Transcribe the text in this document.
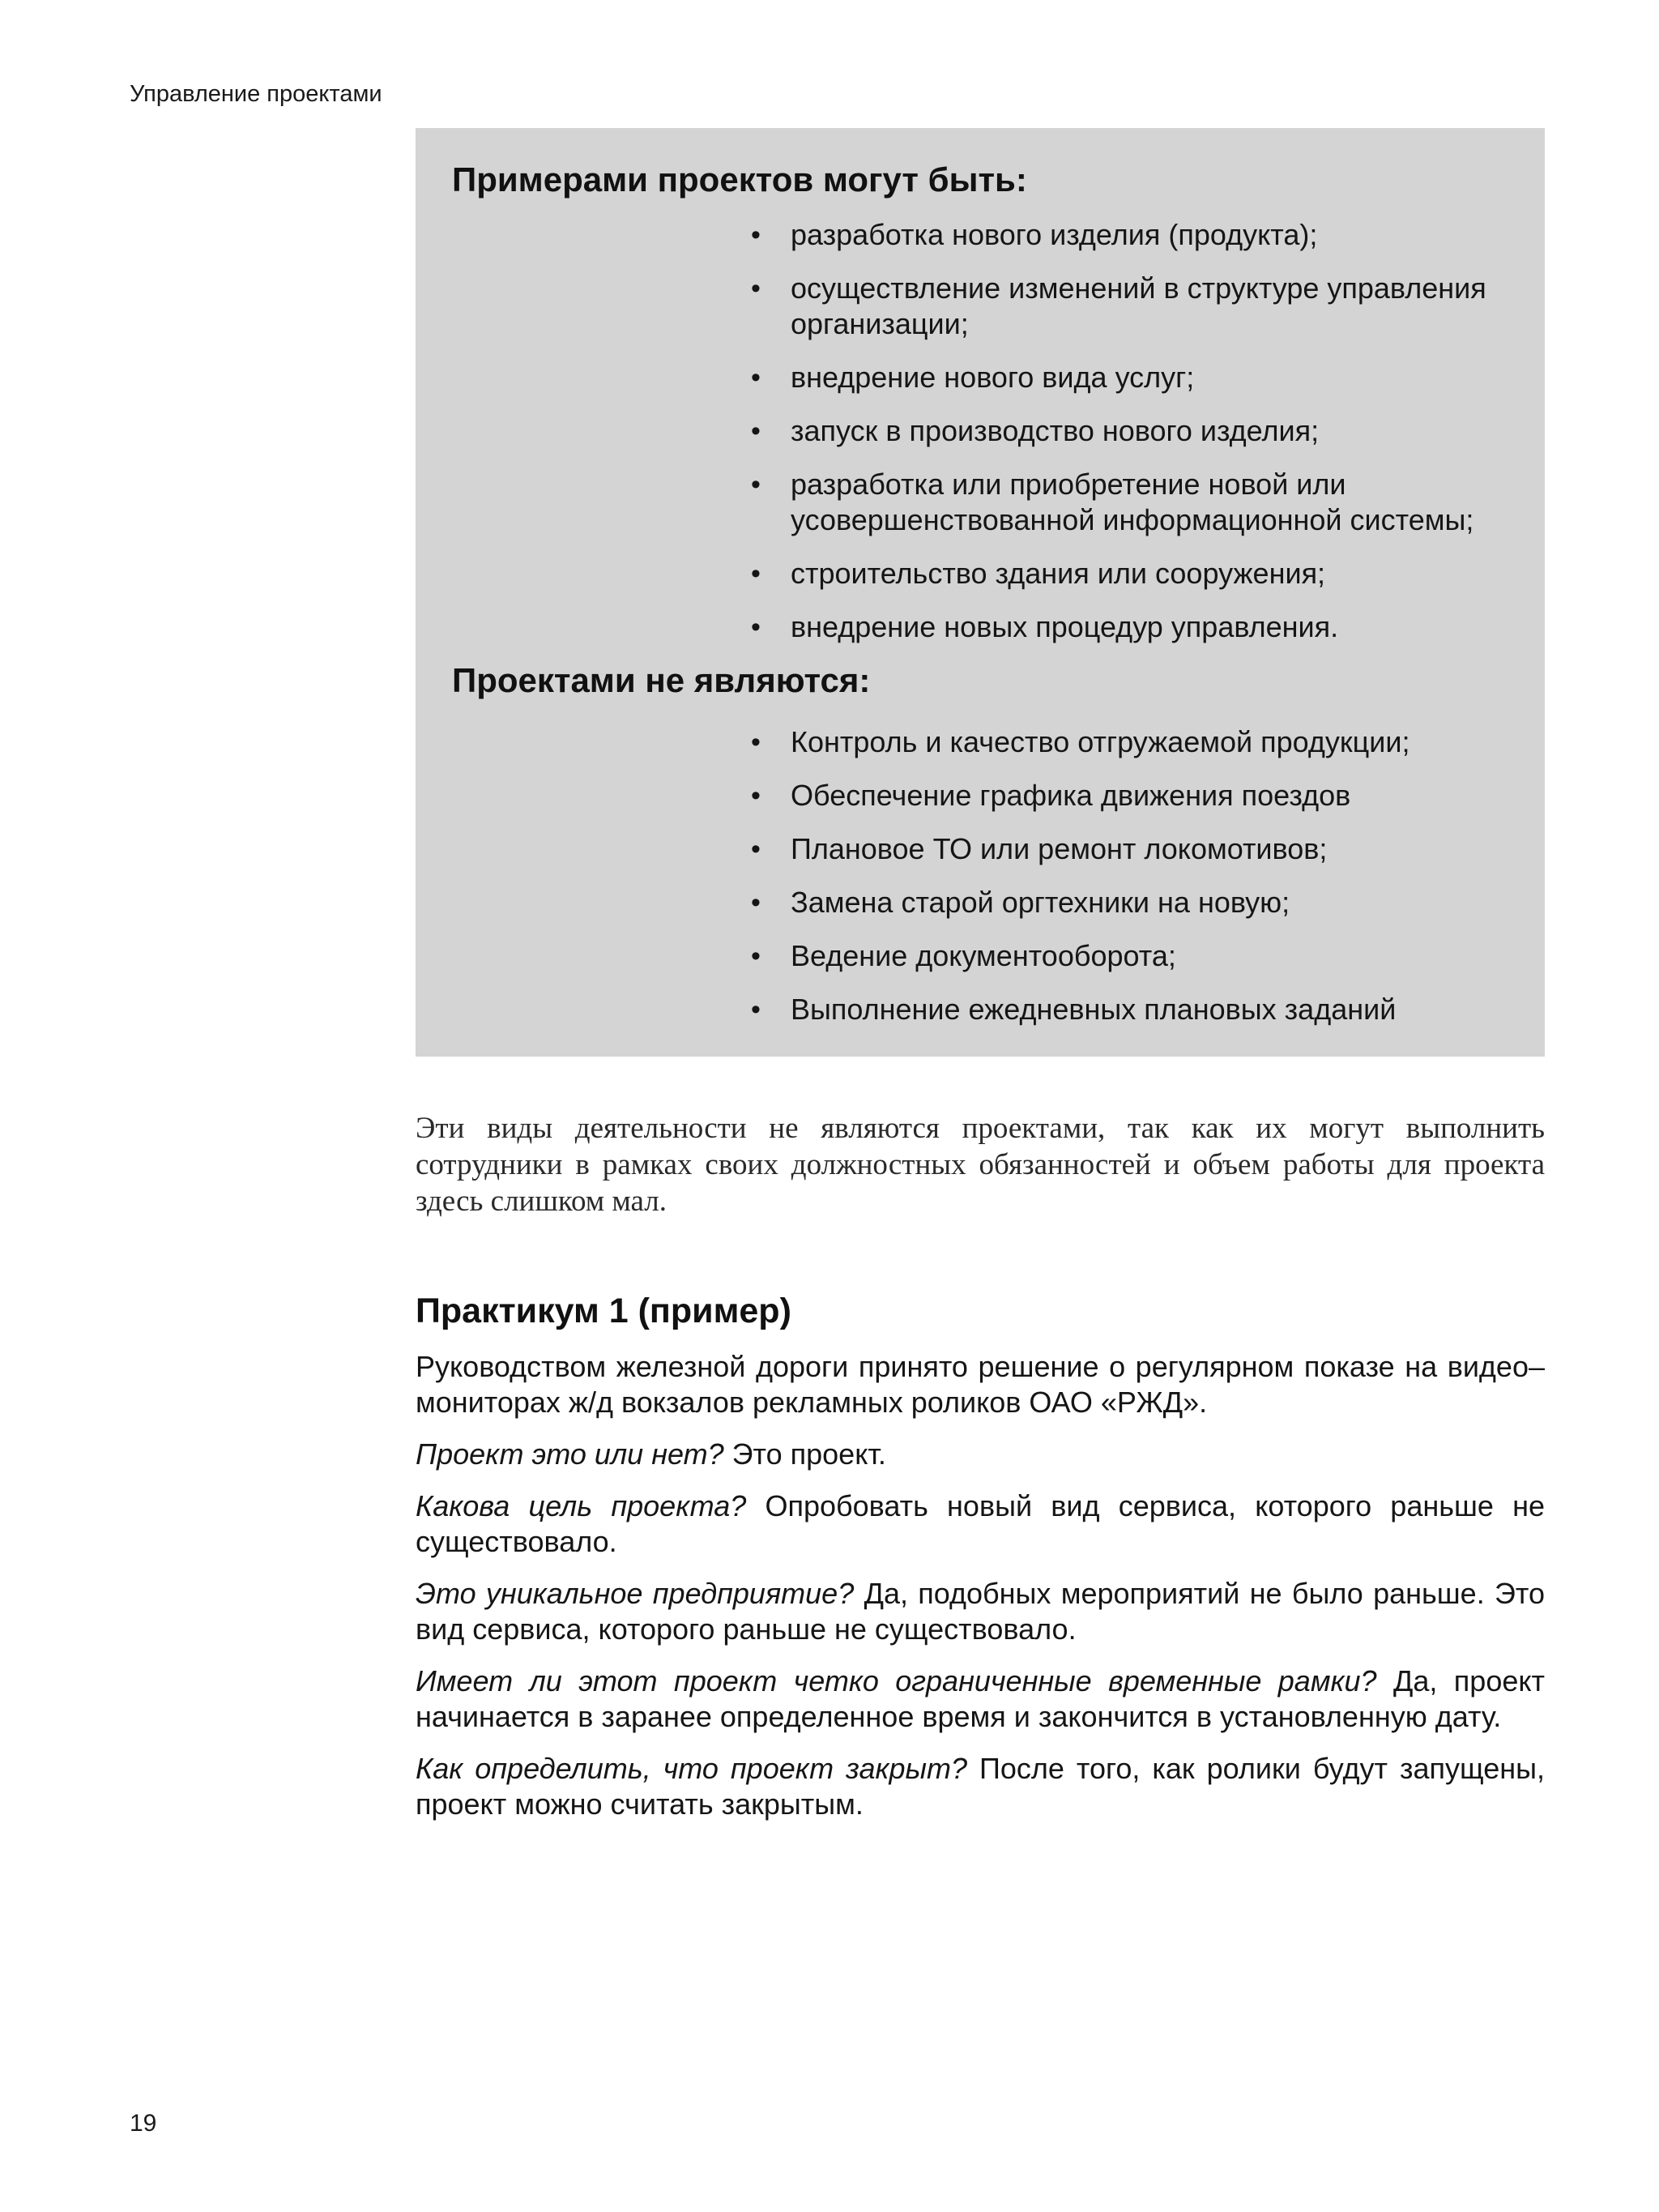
Управление проектами
Примерами проектов могут быть:
• разработка нового изделия (продукта);
• осуществление изменений в структуре управления организации;
• внедрение нового вида услуг;
• запуск в производство нового изделия;
• разработка или приобретение новой или усовершенствованной информационной системы;
• строительство здания или сооружения;
• внедрение новых процедур управления.
Проектами не являются:
• Контроль и качество отгружаемой продукции;
• Обеспечение графика движения поездов
• Плановое ТО или ремонт локомотивов;
• Замена старой оргтехники на новую;
• Ведение документооборота;
• Выполнение ежедневных плановых заданий

Эти виды деятельности не являются проектами, так как их могут выполнить сотрудники в рамках своих должностных обязанностей и объем работы для проекта здесь слишком мал.

Практикум 1 (пример)

Руководством железной дороги принято решение о регулярном показе на видео–мониторах ж/д вокзалов рекламных роликов ОАО «РЖД».

Проект это или нет? Это проект.

Какова цель проекта? Опробовать новый вид сервиса, которого раньше не существовало.

Это уникальное предприятие? Да, подобных мероприятий не было раньше. Это вид сервиса, которого раньше не существовало.

Имеет ли этот проект четко ограниченные временные рамки? Да, проект начинается в заранее определенное время и закончится в установленную дату.

Как определить, что проект закрыт? После того, как ролики будут запущены, проект можно считать закрытым.

19
